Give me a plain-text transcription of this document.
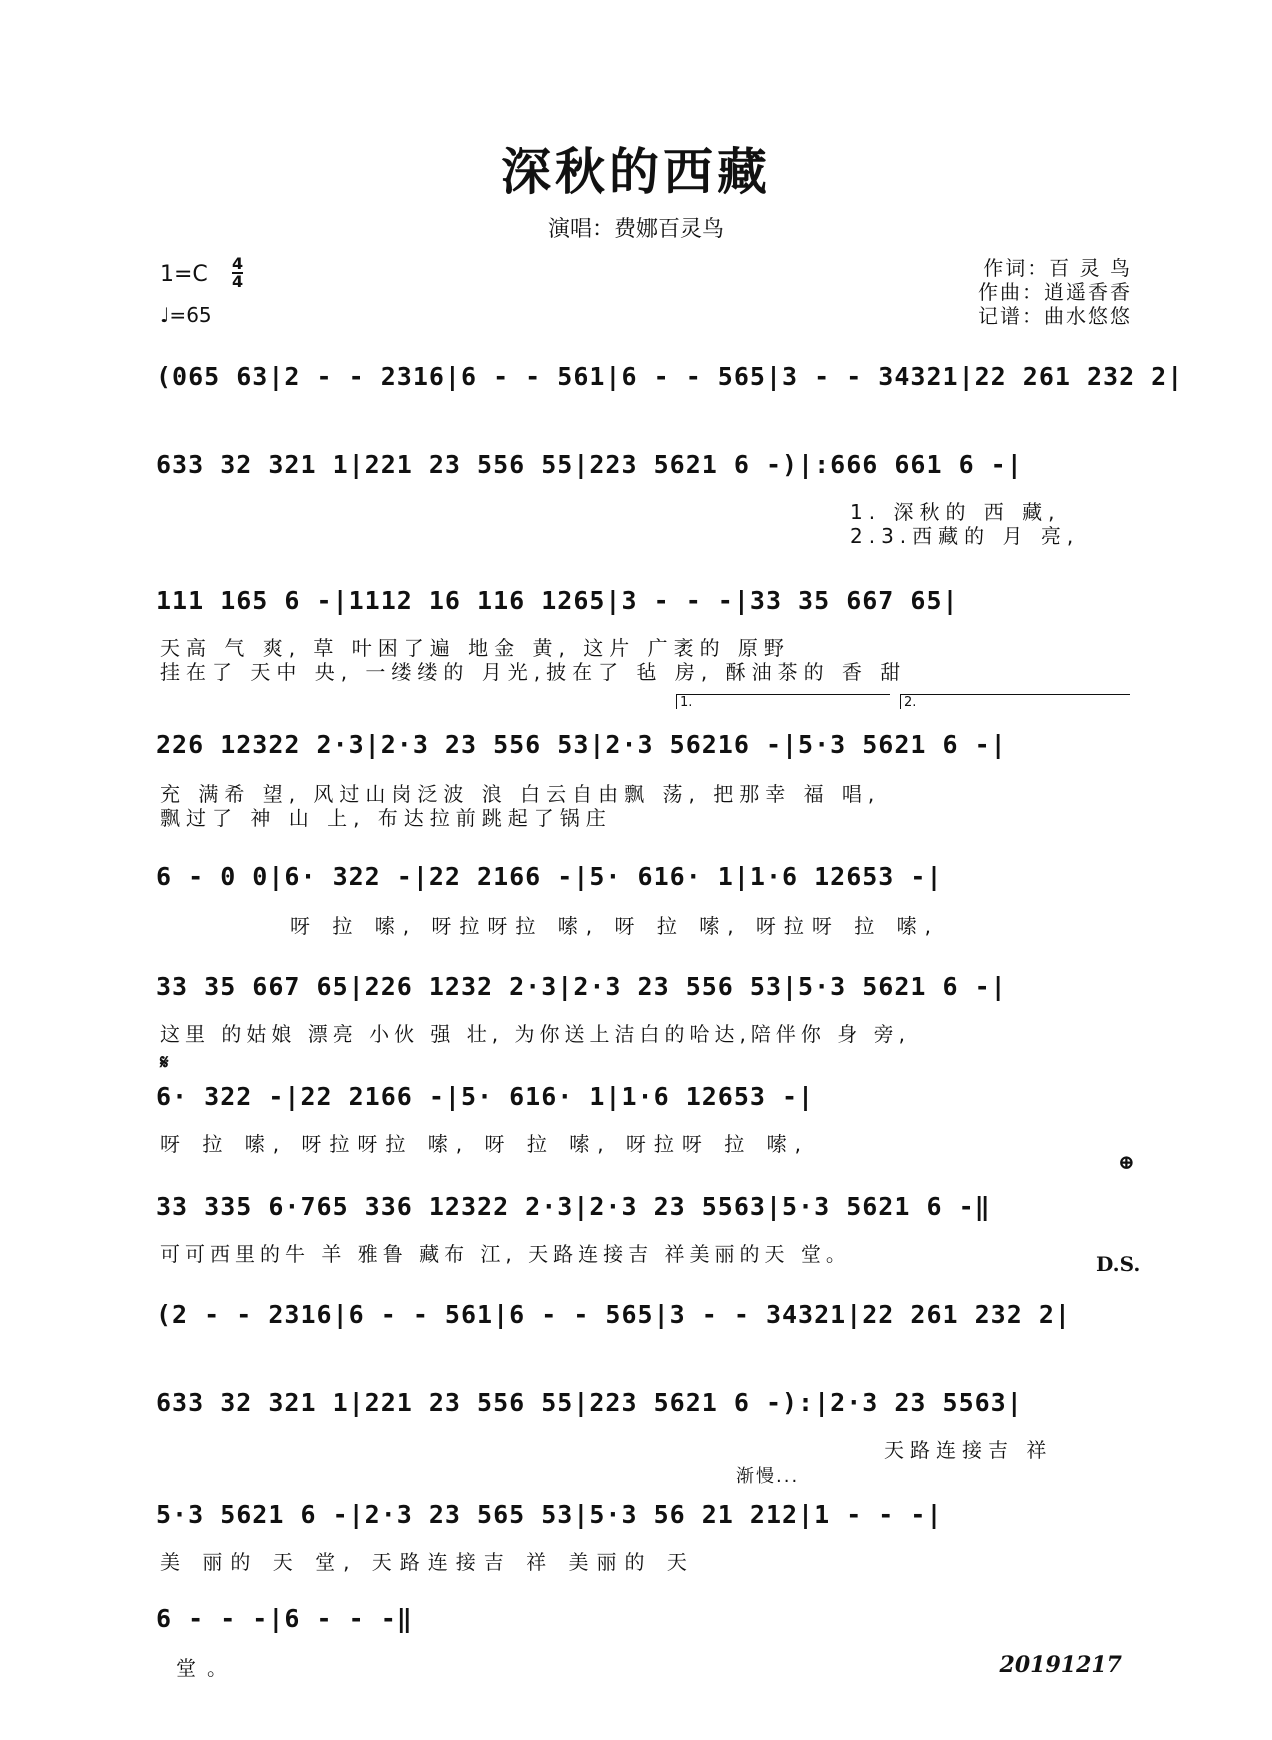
深秋的西藏
演唱：费娜百灵鸟
作词：百 灵 鸟
作曲：逍遥香香
记谱：曲水悠悠
1=C 4
4
♩=65
(065 63|2 - - 2316|6 - - 561|6 - - 565|3 - - 34321|22 261 232 2|
633 32 321 1|221 23 556 55|223 5621 6 -)|:666 661 6 -|
1. 深秋的 西 藏,
2.3.西藏的 月 亮,
111 165 6 -|1112 16 116 1265|3 - - -|33 35 667 65|
天高 气 爽, 草 叶困了遍 地金 黄, 这片 广袤的 原野
挂在了 天中 央, 一缕缕的 月光,披在了 毡 房, 酥油茶的 香 甜
1.	2.
226 12322 2·3|2·3 23 556 53|2·3 56216 -|5·3 5621 6 -|
充 满希 望, 风过山岗泛波 浪 白云自由飘 荡, 把那幸 福 唱,
飘过了 神 山 上, 布达拉前跳起了锅庄
6 - 0 0|6· 322 -|22 2166 -|5· 616· 1|1·6 12653 -|
呀 拉 嗦, 呀拉呀拉 嗦, 呀 拉 嗦, 呀拉呀 拉 嗦,
33 35 667 65|226 1232 2·3|2·3 23 556 53|5·3 5621 6 -|
这里 的姑娘 漂亮 小伙 强 壮, 为你送上洁白的哈达,陪伴你 身 旁,
𝄋
6· 322 -|22 2166 -|5· 616· 1|1·6 12653 -|
呀 拉 嗦, 呀拉呀拉 嗦, 呀 拉 嗦, 呀拉呀 拉 嗦,
⊕
33 335 6·765 336 12322 2·3|2·3 23 5563|5·3 5621 6 -‖
可可西里的牛 羊 雅鲁 藏布 江, 天路连接吉 祥美丽的天 堂。	D.S.
(2 - - 2316|6 - - 561|6 - - 565|3 - - 34321|22 261 232 2|
633 32 321 1|221 23 556 55|223 5621 6 -):|2·3 23 5563|
天路连接吉 祥
渐慢...
5·3 5621 6 -|2·3 23 565 53|5·3 56 21 212|1 - - -|
美 丽的 天 堂, 天路连接吉 祥 美丽的 天
6 - - -|6 - - -‖
堂。	20191217
